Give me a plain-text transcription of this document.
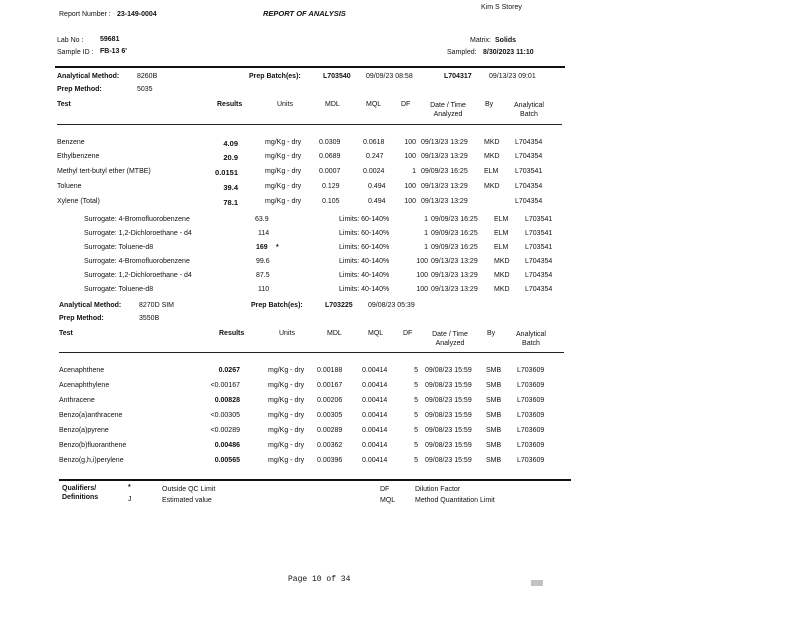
Report Number : 23-149-0004	REPORT OF ANALYSIS
Kim S Storey
Lab No : 59681
Sample ID : FB-13 6'
Matrix: Solids
Sampled: 8/30/2023 11:10
Analytical Method:	8260B	Prep Batch(es):	L703540 09/09/23 08:58	L704317 09/13/23 09:01
Prep Method:	5035
Test	Results	Units	MDL	MQL	DF	Date / Time
Analyzed
By	Analytical
Batch
Benzene	4.09	mg/Kg - dry	0.0309	0.0618	100 09/13/23 13:29 MKD L704354
Ethylbenzene	20.9	mg/Kg - dry	0.0689	0.247	100 09/13/23 13:29 MKD L704354
Methyl tert-butyl ether (MTBE)	0.0151	mg/Kg - dry	0.0007	0.0024	1 09/09/23 16:25 ELM L703541
Toluene	39.4	mg/Kg - dry	0.129	0.494	100 09/13/23 13:29 MKD L704354
Xylene (Total)	78.1	mg/Kg - dry	0.105	0.494	100 09/13/23 13:29	L704354
Surrogate: 4-Bromofluorobenzene	63.9	Limits: 60-140%	1 09/09/23 16:25 ELM L703541
Surrogate: 1,2-Dichloroethane - d4	114	Limits: 60-140%	1 09/09/23 16:25 ELM L703541
Surrogate: Toluene-d8	169 *	Limits: 60-140%	1 09/09/23 16:25 ELM L703541
Surrogate: 4-Bromofluorobenzene	99.6	Limits: 40-140%	100 09/13/23 13:29 MKD L704354
Surrogate: 1,2-Dichloroethane - d4	87.5	Limits: 40-140%	100 09/13/23 13:29 MKD L704354
Surrogate: Toluene-d8	110	Limits: 40-140%	100 09/13/23 13:29 MKD L704354
Analytical Method:	8270D SIM	Prep Batch(es):	L703225 09/08/23 05:39
Prep Method:	3550B
Test	Results	Units	MDL	MQL	DF	Date / Time
Analyzed
By	Analytical
Batch
Acenaphthene	0.0267	mg/Kg - dry 0.00188	0.00414	5 09/08/23 15:59 SMB L703609
Acenaphthylene	<0.00167	mg/Kg - dry 0.00167	0.00414	5 09/08/23 15:59 SMB L703609
Anthracene	0.00828	mg/Kg - dry 0.00206	0.00414	5 09/08/23 15:59 SMB L703609
Benzo(a)anthracene	<0.00305	mg/Kg - dry 0.00305	0.00414	5 09/08/23 15:59 SMB L703609
Benzo(a)pyrene	<0.00289	mg/Kg - dry 0.00289	0.00414	5 09/08/23 15:59 SMB L703609
Benzo(b)fluoranthene	0.00486	mg/Kg - dry 0.00362	0.00414	5 09/08/23 15:59 SMB L703609
Benzo(g,h,i)perylene	0.00565	mg/Kg - dry 0.00396	0.00414	5 09/08/23 15:59 SMB L703609
Qualifiers/
Definitions
*	Outside QC Limit
J	Estimated value
DF	Dilution Factor
MQL	Method Quantitation Limit
Page 10 of 34
